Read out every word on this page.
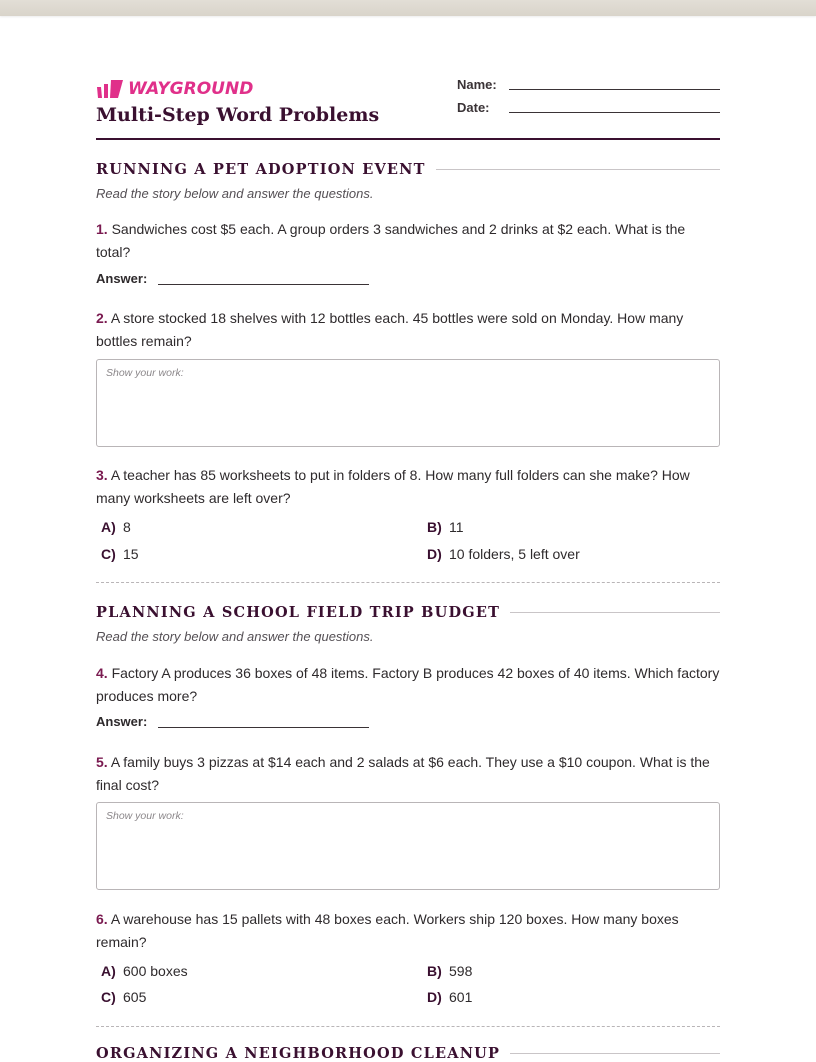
WAYGROUND
Multi-Step Word Problems
Name:
Date:
RUNNING A PET ADOPTION EVENT
Read the story below and answer the questions.
1. Sandwiches cost $5 each. A group orders 3 sandwiches and 2 drinks at $2 each. What is the total?
Answer:
2. A store stocked 18 shelves with 12 bottles each. 45 bottles were sold on Monday. How many bottles remain?
Show your work:
3. A teacher has 85 worksheets to put in folders of 8. How many full folders can she make? How many worksheets are left over?
A) 8	B) 11
C) 15	D) 10 folders, 5 left over
PLANNING A SCHOOL FIELD TRIP BUDGET
Read the story below and answer the questions.
4. Factory A produces 36 boxes of 48 items. Factory B produces 42 boxes of 40 items. Which factory produces more?
Answer:
5. A family buys 3 pizzas at $14 each and 2 salads at $6 each. They use a $10 coupon. What is the final cost?
Show your work:
6. A warehouse has 15 pallets with 48 boxes each. Workers ship 120 boxes. How many boxes remain?
A) 600 boxes	B) 598
C) 605	D) 601
ORGANIZING A NEIGHBORHOOD CLEANUP
